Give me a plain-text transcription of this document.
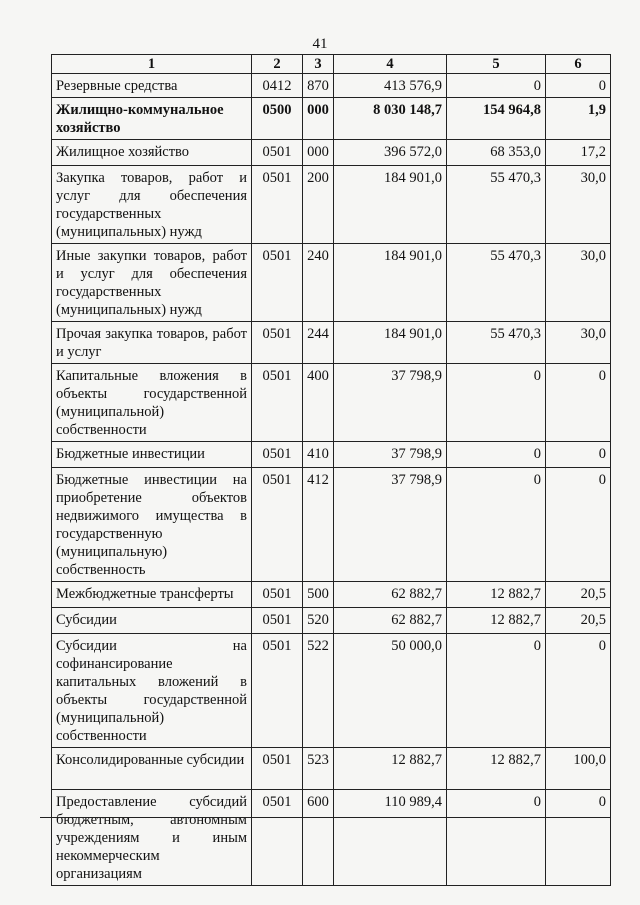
41
1	2	3	4	5	6
Резервные средства	0412	870	413 576,9	0	0
Жилищно-коммунальное хозяйство	0500	000	8 030 148,7	154 964,8	1,9
Жилищное хозяйство	0501	000	396 572,0	68 353,0	17,2
Закупка товаров, работ и услуг для обеспечения государственных (муниципальных) нужд	0501	200	184 901,0	55 470,3	30,0
Иные закупки товаров, работ и услуг для обеспечения государственных (муниципальных) нужд	0501	240	184 901,0	55 470,3	30,0
Прочая закупка товаров, работ и услуг	0501	244	184 901,0	55 470,3	30,0
Капитальные вложения в объекты государственной (муниципальной) собственности	0501	400	37 798,9	0	0
Бюджетные инвестиции	0501	410	37 798,9	0	0
Бюджетные инвестиции на приобретение объектов недвижимого имущества в государственную (муниципальную) собственность	0501	412	37 798,9	0	0
Межбюджетные трансферты	0501	500	62 882,7	12 882,7	20,5
Субсидии	0501	520	62 882,7	12 882,7	20,5
Субсидии на софинансирование капитальных вложений в объекты государственной (муниципальной) собственности	0501	522	50 000,0	0	0
Консолидированные субсидии	0501	523	12 882,7	12 882,7	100,0
Предоставление субсидий бюджетным, автономным учреждениям и иным некоммерческим организациям	0501	600	110 989,4	0	0
